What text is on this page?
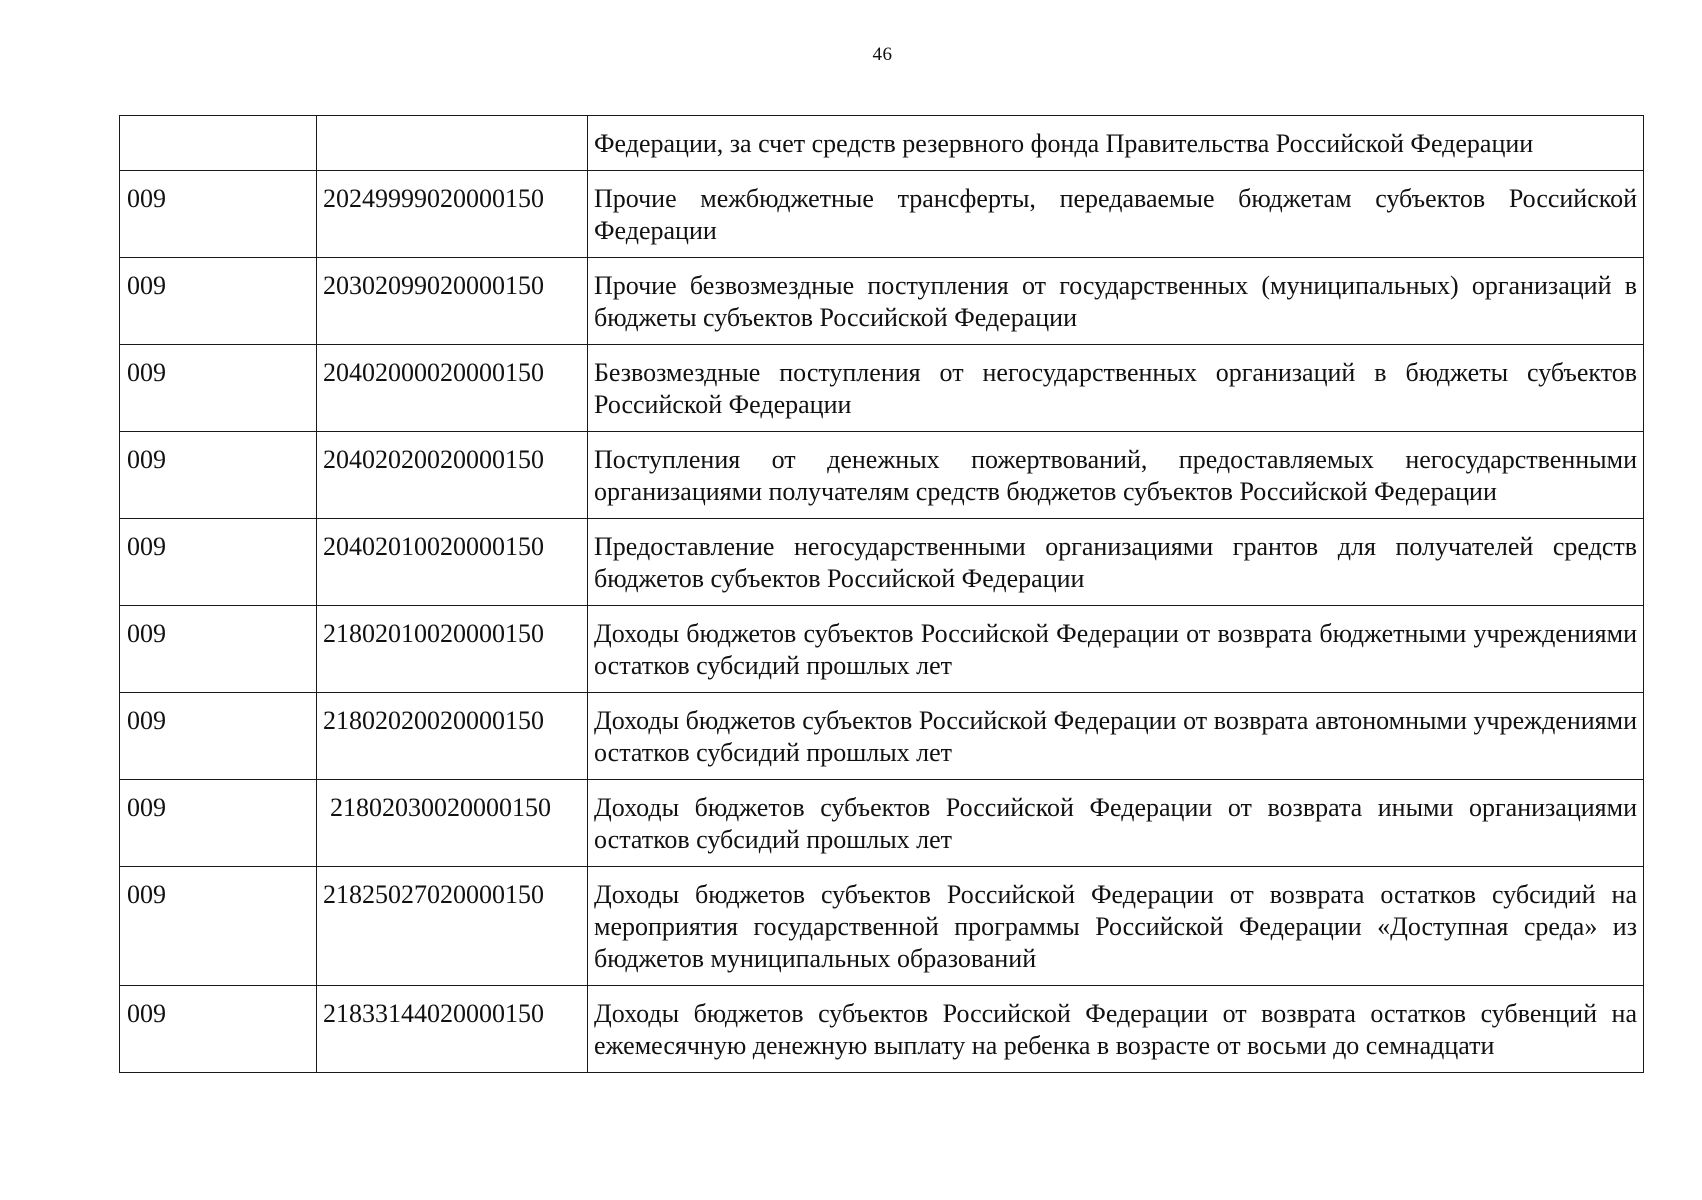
46
		Федерации, за счет средств резервного фонда Правительства Российской Федерации
009	20249999020000150	Прочие межбюджетные трансферты, передаваемые бюджетам субъектов Российской Федерации
009	20302099020000150	Прочие безвозмездные поступления от государственных (муниципальных) организаций в бюджеты субъектов Российской Федерации
009	20402000020000150	Безвозмездные поступления от негосударственных организаций в бюджеты субъектов Российской Федерации
009	20402020020000150	Поступления от денежных пожертвований, предоставляемых негосударственными организациями получателям средств бюджетов субъектов Российской Федерации
009	20402010020000150	Предоставление негосударственными организациями грантов для получателей средств бюджетов субъектов Российской Федерации
009	21802010020000150	Доходы бюджетов субъектов Российской Федерации от возврата бюджетными учреждениями остатков субсидий прошлых лет
009	21802020020000150	Доходы бюджетов субъектов Российской Федерации от возврата автономными учреждениями остатков субсидий прошлых лет
009	21802030020000150	Доходы бюджетов субъектов Российской Федерации от возврата иными организациями остатков субсидий прошлых лет
009	21825027020000150	Доходы бюджетов субъектов Российской Федерации от возврата остатков субсидий на мероприятия государственной программы Российской Федерации «Доступная среда» из бюджетов муниципальных образований
009	21833144020000150	Доходы бюджетов субъектов Российской Федерации от возврата остатков субвенций на ежемесячную денежную выплату на ребенка в возрасте от восьми до семнадцати
